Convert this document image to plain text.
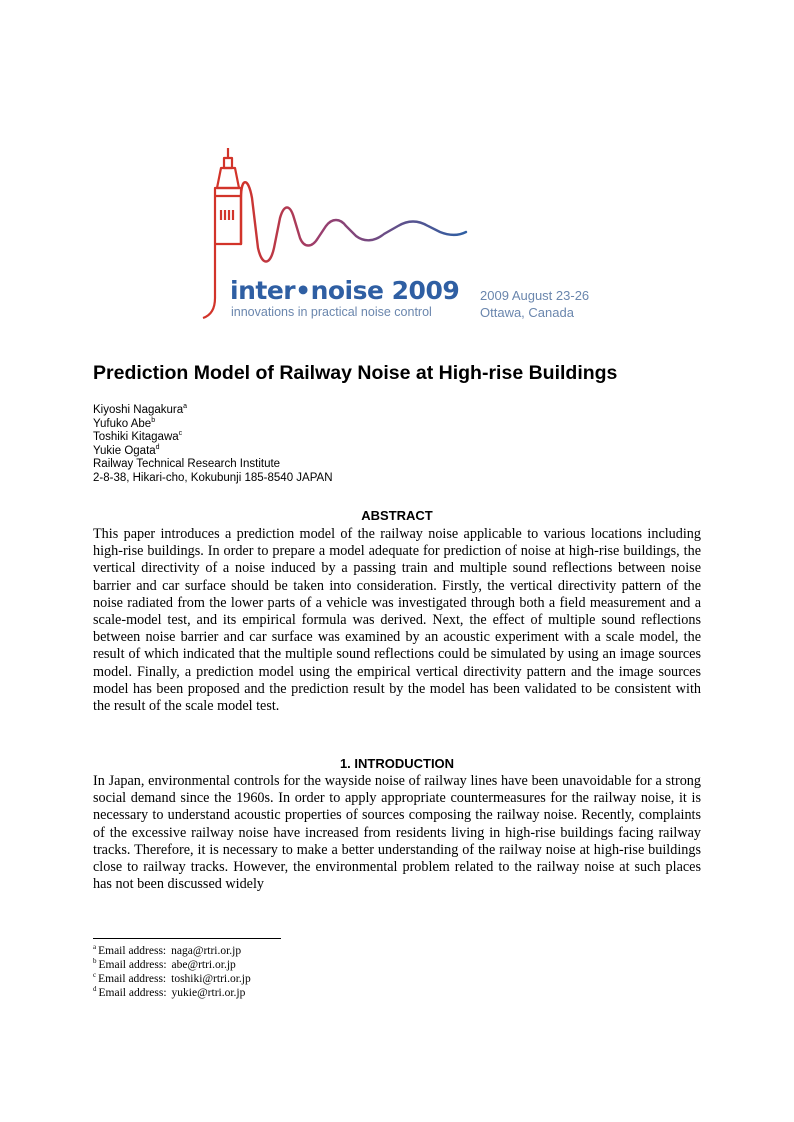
inter•noise 2009
innovations in practical noise control
2009 August 23-26
Ottawa, Canada
Prediction Model of Railway Noise at High-rise Buildings
Kiyoshi Nagakura$^a$
Yufuko Abe$^b$
Toshiki Kitagawa$^c$
Yukie Ogata$^d$
Railway Technical Research Institute
2-8-38, Hikari-cho, Kokubunji 185-8540 JAPAN
ABSTRACT

This paper introduces a prediction model of the railway noise applicable to various locations including high-rise buildings. In order to prepare a model adequate for prediction of noise at high-rise buildings, the vertical directivity of a noise induced by a passing train and multiple sound reflections between noise barrier and car surface should be taken into consideration. Firstly, the vertical directivity pattern of the noise radiated from the lower parts of a vehicle was investigated through both a field measurement and a scale-model test, and its empirical formula was derived. Next, the effect of multiple sound reflections between noise barrier and car surface was examined by an acoustic experiment with a scale model, the result of which indicated that the multiple sound reflections could be simulated by using an image sources model. Finally, a prediction model using the empirical vertical directivity pattern and the image sources model has been proposed and the prediction result by the model has been validated to be consistent with the result of the scale model test.

1. INTRODUCTION

In Japan, environmental controls for the wayside noise of railway lines have been unavoidable for a strong social demand since the 1960s. In order to apply appropriate countermeasures for the railway noise, it is necessary to understand acoustic properties of sources composing the railway noise. Recently, complaints of the excessive railway noise have increased from residents living in high-rise buildings facing railway tracks. Therefore, it is necessary to make a better understanding of the railway noise at high-rise buildings close to railway tracks. However, the environmental problem related to the railway noise at such places has not been discussed widely

$^a$ Email address: naga@rtri.or.jp
$^b$ Email address: abe@rtri.or.jp
$^c$ Email address: toshiki@rtri.or.jp
$^d$ Email address: yukie@rtri.or.jp
